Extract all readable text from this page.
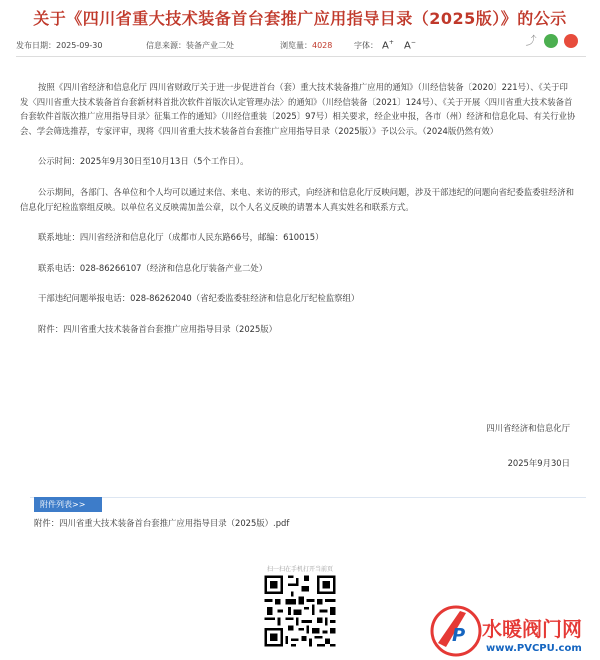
关于《四川省重大技术装备首台套推广应用指导目录（2025版）》的公示
发布日期：2025-09-30	信息来源：装备产业二处	浏览量：4028	字体： A+	A−	⤴

按照《四川省经济和信息化厅 四川省财政厅关于进一步促进首台（套）重大技术装备推广应用的通知》（川经信装备〔2020〕221号）、《关于印发〈四川省重大技术装备首台套新材料首批次软件首版次认定管理办法〉的通知》（川经信装备〔2021〕124号）、《关于开展〈四川省重大技术装备首台套软件首版次推广应用指导目录〉征集工作的通知》（川经信重装〔2025〕97号）相关要求，经企业申报，各市（州）经济和信息化局、有关行业协会、学会筛选推荐，专家评审，现将《四川省重大技术装备首台套推广应用指导目录（2025版）》予以公示。（2024版仍然有效）

公示时间：2025年9月30日至10月13日（5个工作日）。

公示期间，各部门、各单位和个人均可以通过来信、来电、来访的形式，向经济和信息化厅反映问题，涉及干部违纪的问题向省纪委监委驻经济和信息化厅纪检监察组反映。以单位名义反映需加盖公章，以个人名义反映的请署本人真实姓名和联系方式。

联系地址：四川省经济和信息化厅（成都市人民东路66号，邮编：610015）

联系电话：028-86266107（经济和信息化厅装备产业二处）

干部违纪问题举报电话：028-86262040（省纪委监委驻经济和信息化厅纪检监察组）

附件：四川省重大技术装备首台套推广应用指导目录（2025版）

四川省经济和信息化厅
2025年9月30日
附件列表>>
附件：四川省重大技术装备首台套推广应用指导目录（2025版）.pdf
扫一扫在手机打开当前页
P 水暖阀门网
www.PVCPU.com
